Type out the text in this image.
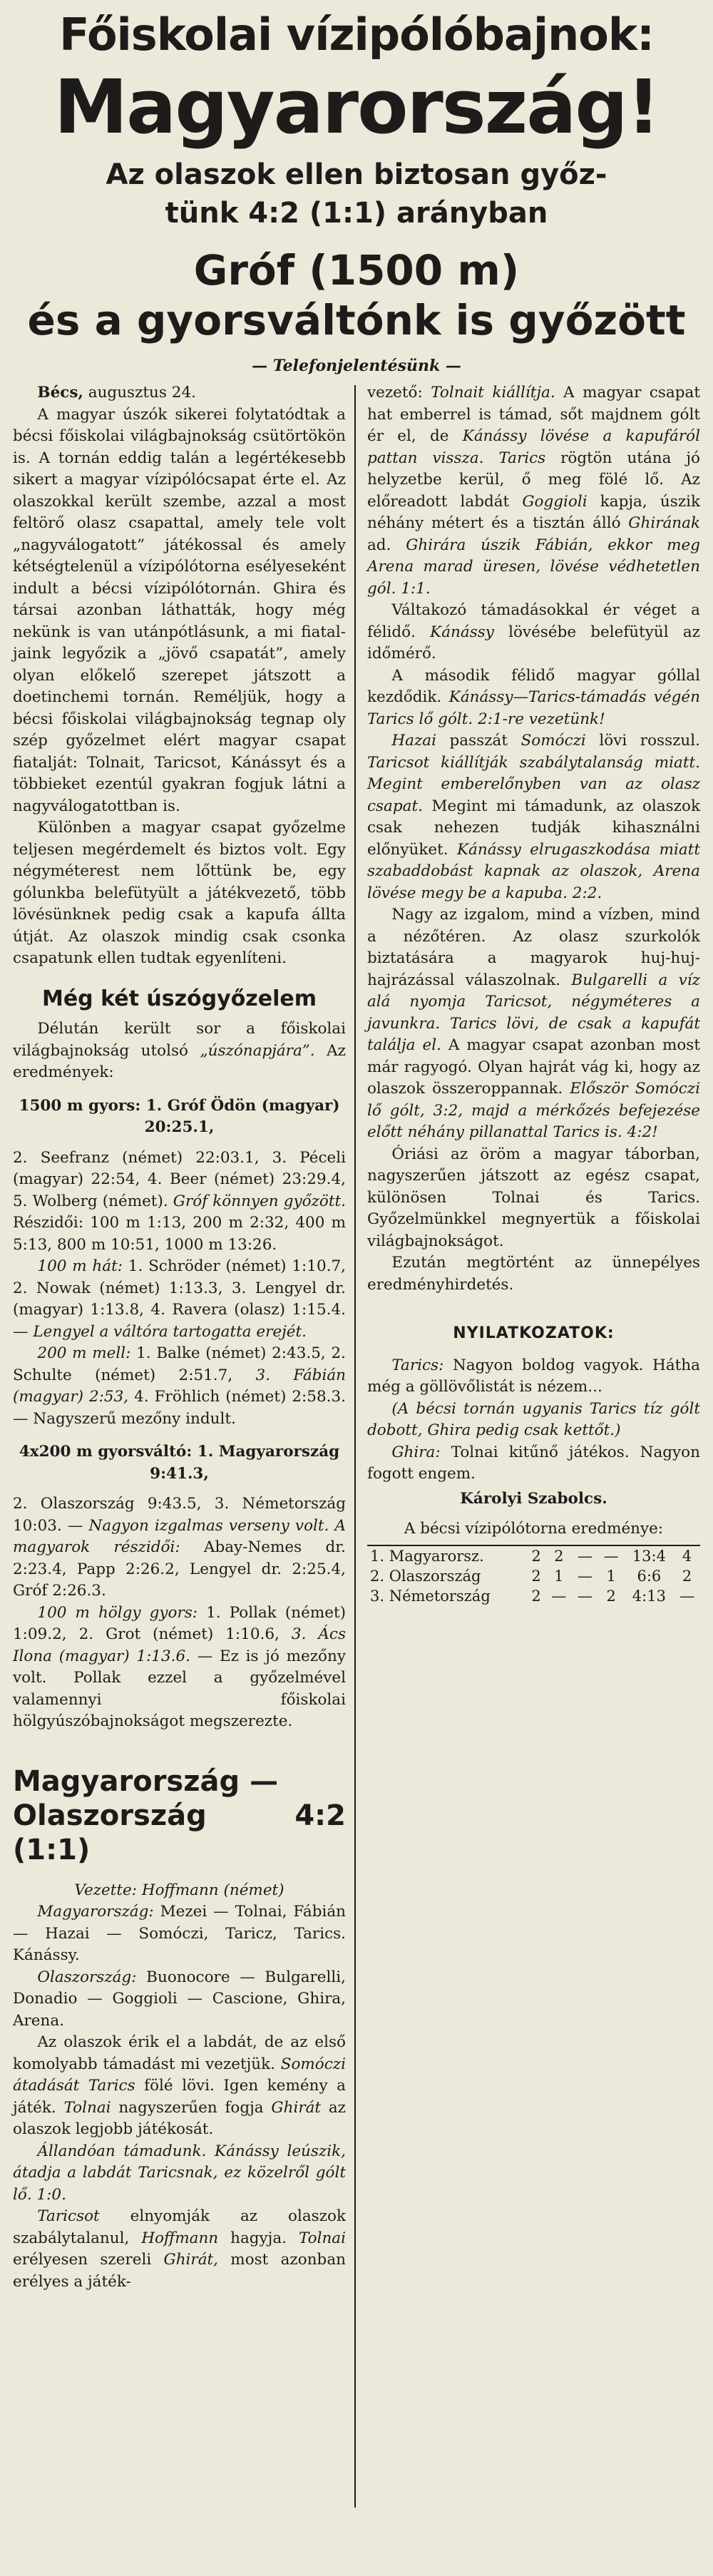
Főiskolai vízipólóbajnok:
Magyarország!
Az olaszok ellen biztosan győz-
tünk 4:2 (1:1) arányban
Gróf (1500 m)
és a gyorsváltónk is győzött
— Telefonjelentésünk —

Bécs, augusztus 24.

A magyar úszók sikerei folytatódtak a bécsi főiskolai világbajnokság csütörtökön is. A tornán eddig talán a legértékesebb sikert a magyar vízipólócsapat érte el. Az olaszokkal került szembe, azzal a most feltörő olasz csapattal, amely tele volt „nagyválogatott” játékossal és amely kétségtelenül a vízipólótorna esélyeseként indult a bécsi vízipólótornán. Ghira és társai azonban láthatták, hogy még nekünk is van utánpótlásunk, a mi fiataljaink legyőzik a „jövő csapatát”, amely olyan előkelő szerepet játszott a doetinchemi tornán. Reméljük, hogy a bécsi főiskolai világbajnokság tegnap oly szép győzelmet elért magyar csapat fiatalját: Tolnait, Taricsot, Kánássyt és a többieket ezentúl gyakran fogjuk látni a nagyválogatottban is.

Különben a magyar csapat győzelme teljesen megérdemelt és biztos volt. Egy négyméterest nem lőttünk be, egy gólunkba belefütyült a játékvezető, több lövésünknek pedig csak a kapufa állta útját. Az olaszok mindig csak csonka csapatunk ellen tudtak egyenlíteni.

Még két úszógyőzelem

Délután került sor a főiskolai világbajnokság utolsó „úszónapjára”. Az eredmények:

1500 m gyors: 1. Gróf Ödön (magyar) 20:25.1,

2. Seefranz (német) 22:03.1, 3. Péceli (magyar) 22:54, 4. Beer (német) 23:29.4, 5. Wolberg (német). Gróf könnyen győzött. Részidői: 100 m 1:13, 200 m 2:32, 400 m 5:13, 800 m 10:51, 1000 m 13:26.

100 m hát: 1. Schröder (német) 1:10.7, 2. Nowak (német) 1:13.3, 3. Lengyel dr. (magyar) 1:13.8, 4. Ravera (olasz) 1:15.4. — Lengyel a váltóra tartogatta erejét.

200 m mell: 1. Balke (német) 2:43.5, 2. Schulte (német) 2:51.7, 3. Fábián (magyar) 2:53, 4. Fröhlich (német) 2:58.3. — Nagyszerű mezőny indult.

4x200 m gyorsváltó: 1. Magyarország 9:41.3,

2. Olaszország 9:43.5, 3. Németország 10:03. — Nagyon izgalmas verseny volt. A magyarok részidői: Abay-Nemes dr. 2:23.4, Papp 2:26.2, Lengyel dr. 2:25.4, Gróf 2:26.3.

100 m hölgy gyors: 1. Pollak (német) 1:09.2, 2. Grot (német) 1:10.6, 3. Ács Ilona (magyar) 1:13.6. — Ez is jó mezőny volt. Pollak ezzel a győzelmével valamennyi főiskolai hölgyúszóbajnokságot megszerezte.

Magyarország —
Olaszország 4:2 (1:1)

Vezette: Hoffmann (német)

Magyarország: Mezei — Tolnai, Fábián — Hazai — Somóczi, Taricz, Tarics. Kánássy.

Olaszország: Buonocore — Bulgarelli, Donadio — Goggioli — Cascione, Ghira, Arena.

Az olaszok érik el a labdát, de az első komolyabb támadást mi vezetjük. Somóczi átadását Tarics fölé lövi. Igen kemény a játék. Tolnai nagyszerűen fogja Ghirát az olaszok legjobb játékosát.

Állandóan támadunk. Kánássy leúszik, átadja a labdát Taricsnak, ez közelről gólt lő. 1:0.

Taricsot elnyomják az olaszok szabálytalanul, Hoffmann hagyja. Tolnai erélyesen szereli Ghirát, most azonban erélyes a játék-

vezető: Tolnait kiállítja. A magyar csapat hat emberrel is támad, sőt majdnem gólt ér el, de Kánássy lövése a kapufáról pattan vissza. Tarics rögtön utána jó helyzetbe kerül, ő meg fölé lő. Az előreadott labdát Goggioli kapja, úszik néhány métert és a tisztán álló Ghirának ad. Ghirára úszik Fábián, ekkor meg Arena marad üresen, lövése védhetetlen gól. 1:1.

Váltakozó támadásokkal ér véget a félidő. Kánássy lövésébe belefütyül az időmérő.

A második félidő magyar góllal kezdődik. Kánássy—Tarics-támadás végén Tarics lő gólt. 2:1-re vezetünk!

Hazai passzát Somóczi lövi rosszul. Taricsot kiállítják szabálytalanság miatt. Megint emberelőnyben van az olasz csapat. Megint mi támadunk, az olaszok csak nehezen tudják kihasználni előnyüket. Kánássy elrugaszkodása miatt szabaddobást kapnak az olaszok, Arena lövése megy be a kapuba. 2:2.

Nagy az izgalom, mind a vízben, mind a nézőtéren. Az olasz szurkolók biztatására a magyarok huj-huj-hajrázással válaszolnak. Bulgarelli a víz alá nyomja Taricsot, négyméteres a javunkra. Tarics lövi, de csak a kapufát találja el. A magyar csapat azonban most már ragyogó. Olyan hajrát vág ki, hogy az olaszok összeroppannak. Először Somóczi lő gólt, 3:2, majd a mérkőzés befejezése előtt néhány pillanattal Tarics is. 4:2!

Óriási az öröm a magyar táborban, nagyszerűen játszott az egész csapat, különösen Tolnai és Tarics. Győzelmünkkel megnyertük a főiskolai világbajnokságot.

Ezután megtörtént az ünnepélyes eredményhirdetés.

NYILATKOZATOK:

Tarics: Nagyon boldog vagyok. Hátha még a göllövőlistát is nézem...

(A bécsi tornán ugyanis Tarics tíz gólt dobott, Ghira pedig csak kettőt.)

Ghira: Tolnai kitűnő játékos. Nagyon fogott engem.

Károlyi Szabolcs.
A bécsi vízipólótorna eredménye:
1. Magyarorsz.	2	2	—	—	13:4	4
2. Olaszország	2	1	—	1	6:6	2
3. Németország	2	—	—	2	4:13	—
